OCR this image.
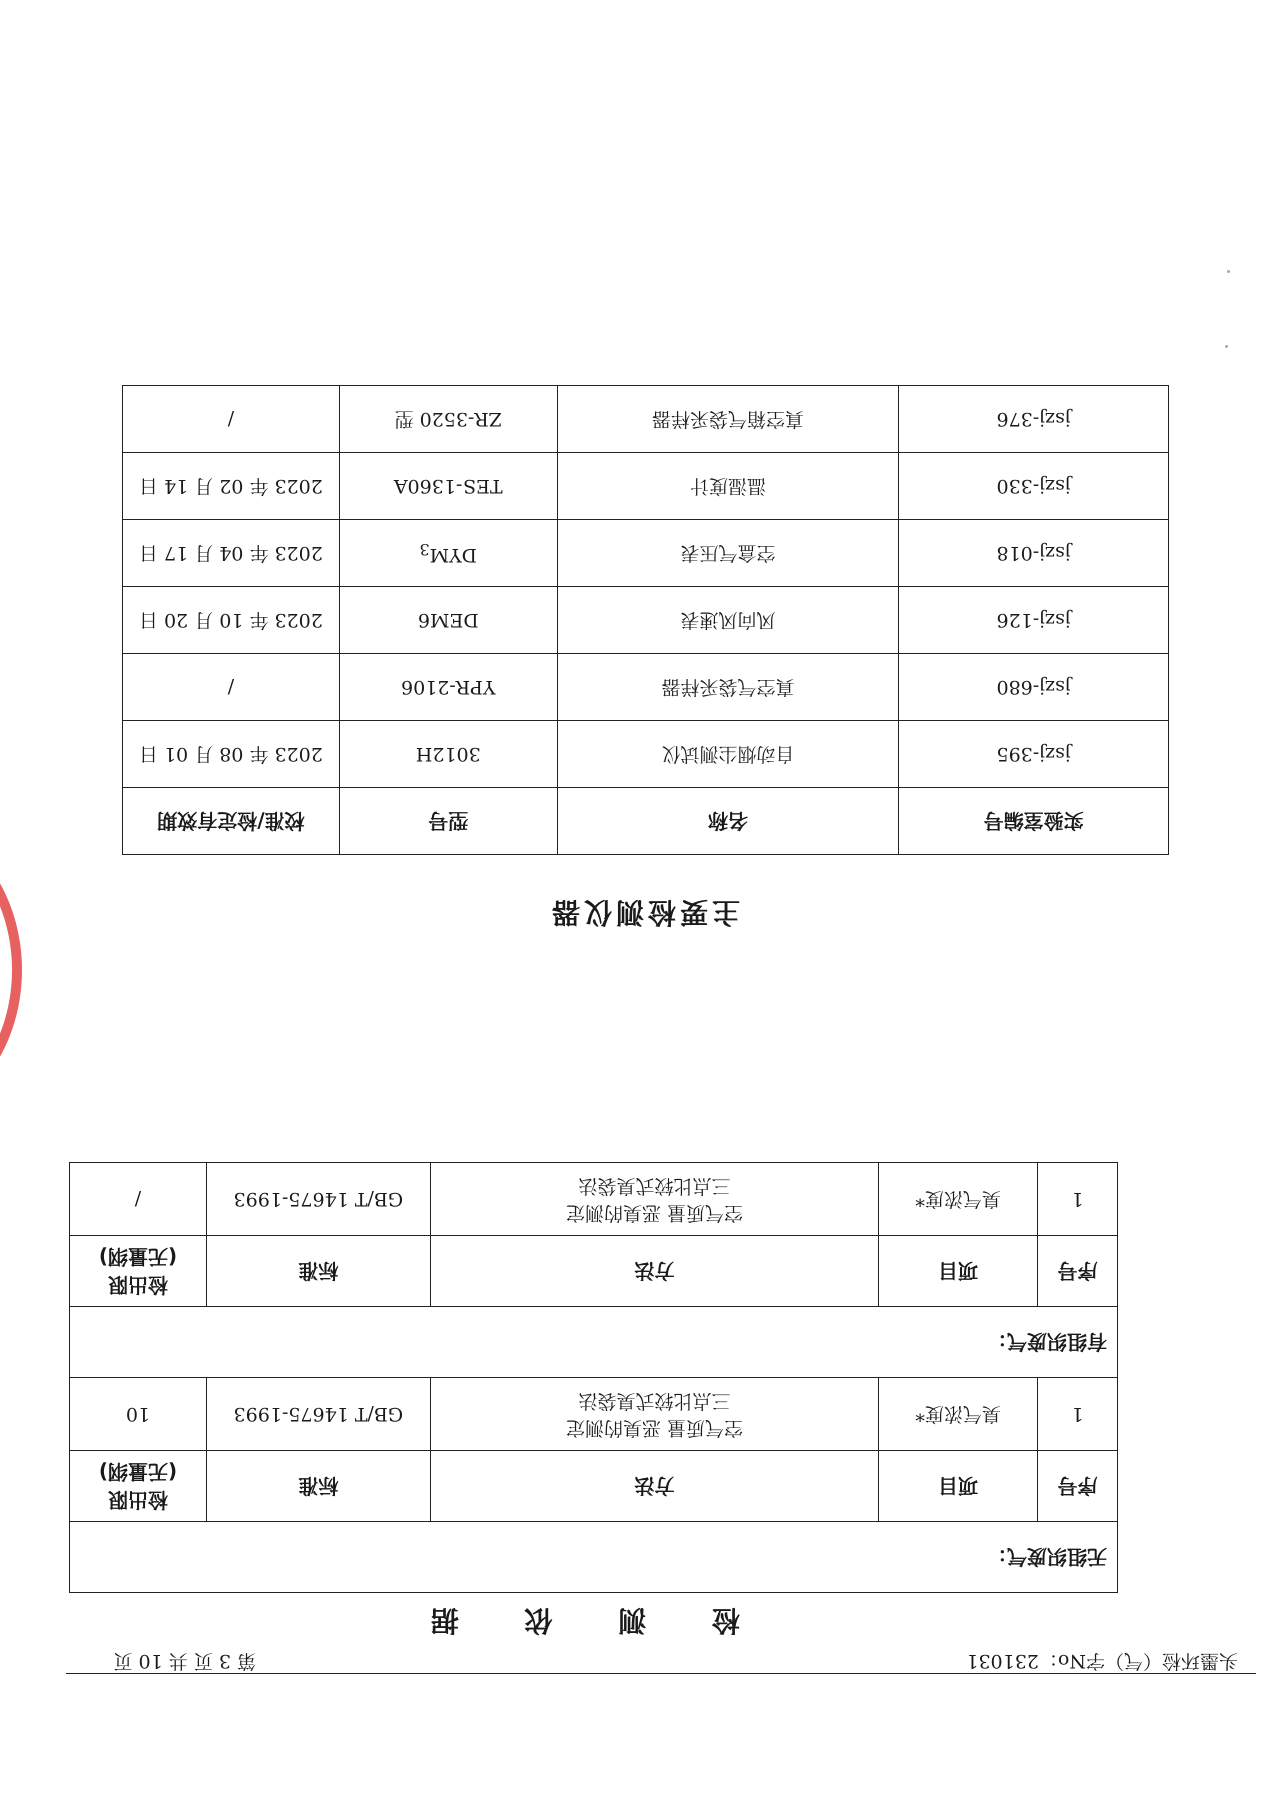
头墨环检（气）字No：231031
第 3 页 共 10 页
检 测 依 据
无组织废气：				
序号	项目	方法	标准	检出限
(无量纲)
1	臭气浓度*	空气质量 恶臭的测定
三点比较式臭袋法	GB/T 14675-1993	10
有组织废气：				
序号	项目	方法	标准	检出限
(无量纲)
1	臭气浓度*	空气质量 恶臭的测定
三点比较式臭袋法	GB/T 14675-1993	/
主要检测仪器
实验室编号	名称	型号	校准/检定有效期
jszj-395	自动烟尘测试仪	3012H	2023 年 08 月 01 日
jszj-680	真空气袋采样器	YPR-2106	/
jszj-126	风向风速表	DEM6	2023 年 10 月 20 日
jszj-018	空盒气压表	$DYM_3$	2023 年 04 月 17 日
jszj-330	温湿度计	TES-1360A	2023 年 02 月 14 日
jszj-376	真空箱气袋采样器	ZR-3520 型	/
